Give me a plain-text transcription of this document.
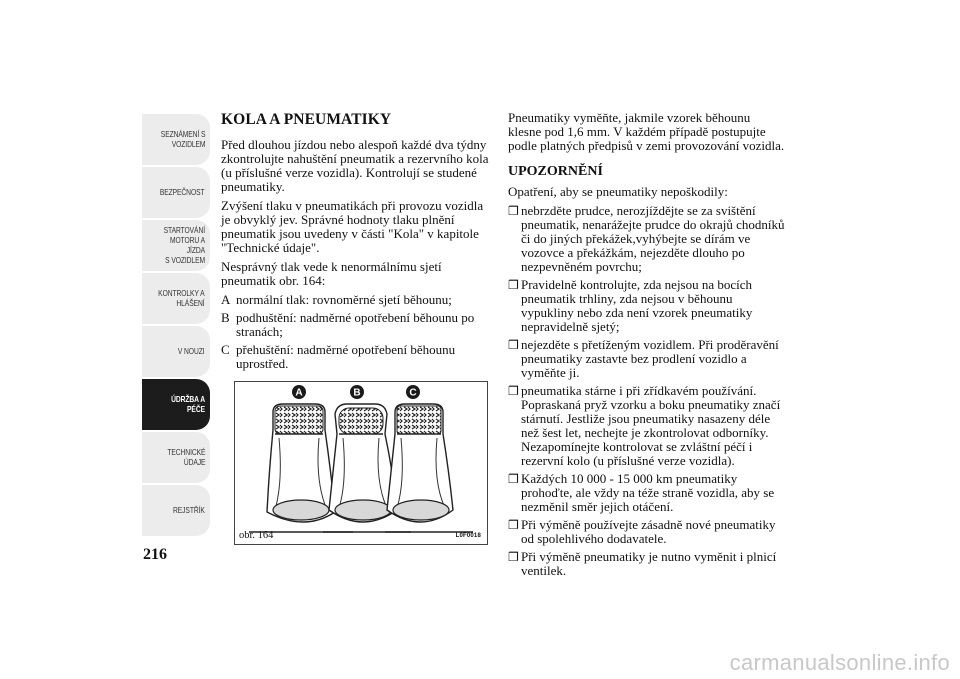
SEZNÁMENÍ S
VOZIDLEM
BEZPEČNOST
STARTOVÁNÍ
MOTORU A JÍZDA
S VOZIDLEM
KONTROLKY A
HLÁŠENÍ
V NOUZI
ÚDRŽBA A PÉČE
TECHNICKÉ
ÚDAJE
REJSTŘÍK
216
KOLA A PNEUMATIKY

Před dlouhou jízdou nebo alespoň každé dva týdny zkontrolujte nahuštění pneumatik a rezervního kola (u příslušné verze vozidla). Kontrolují se studené pneumatiky.

Zvýšení tlaku v pneumatikách při provozu vozidla je obvyklý jev. Správné hodnoty tlaku plnění pneumatik jsou uvedeny v části "Kola" v kapitole "Technické údaje".

Nesprávný tlak vede k nenormálnímu sjetí pneumatik obr. 164:

A normální tlak: rovnoměrné sjetí běhounu;
B podhuštění: nadměrné opotřebení běhounu po stranách;
C přehuštění: nadměrné opotřebení běhounu uprostřed.
A	B	C
obr. 164	L0F0018

Pneumatiky vyměňte, jakmile vzorek běhounu klesne pod 1,6 mm. V každém případě postupujte podle platných předpisů v zemi provozování vozidla.

UPOZORNĚNÍ

Opatření, aby se pneumatiky nepoškodily:

❒ nebrzděte prudce, nerozjíždějte se za svištění pneumatik, nenarážejte prudce do okrajů chodníků či do jiných překážek,vyhýbejte se dírám ve vozovce a překážkám, nejezděte dlouho po nezpevněném povrchu;
❒ Pravidelně kontrolujte, zda nejsou na bocích pneumatik trhliny, zda nejsou v běhounu vypukliny nebo zda není vzorek pneumatiky nepravidelně sjetý;
❒ nejezděte s přetíženým vozidlem. Při proděravění pneumatiky zastavte bez prodlení vozidlo a vyměňte ji.
❒ pneumatika stárne i při zřídkavém používání. Popraskaná pryž vzorku a boku pneumatiky značí stárnutí. Jestliže jsou pneumatiky nasazeny déle než šest let, nechejte je zkontrolovat odborníky. Nezapomínejte kontrolovat se zvláštní péčí i rezervní kolo (u příslušné verze vozidla).
❒ Každých 10 000 - 15 000 km pneumatiky prohoďte, ale vždy na téže straně vozidla, aby se nezměnil směr jejich otáčení.
❒ Při výměně používejte zásadně nové pneumatiky od spolehlivého dodavatele.
❒ Při výměně pneumatiky je nutno vyměnit i plnicí ventilek.
carmanualsonline.info
